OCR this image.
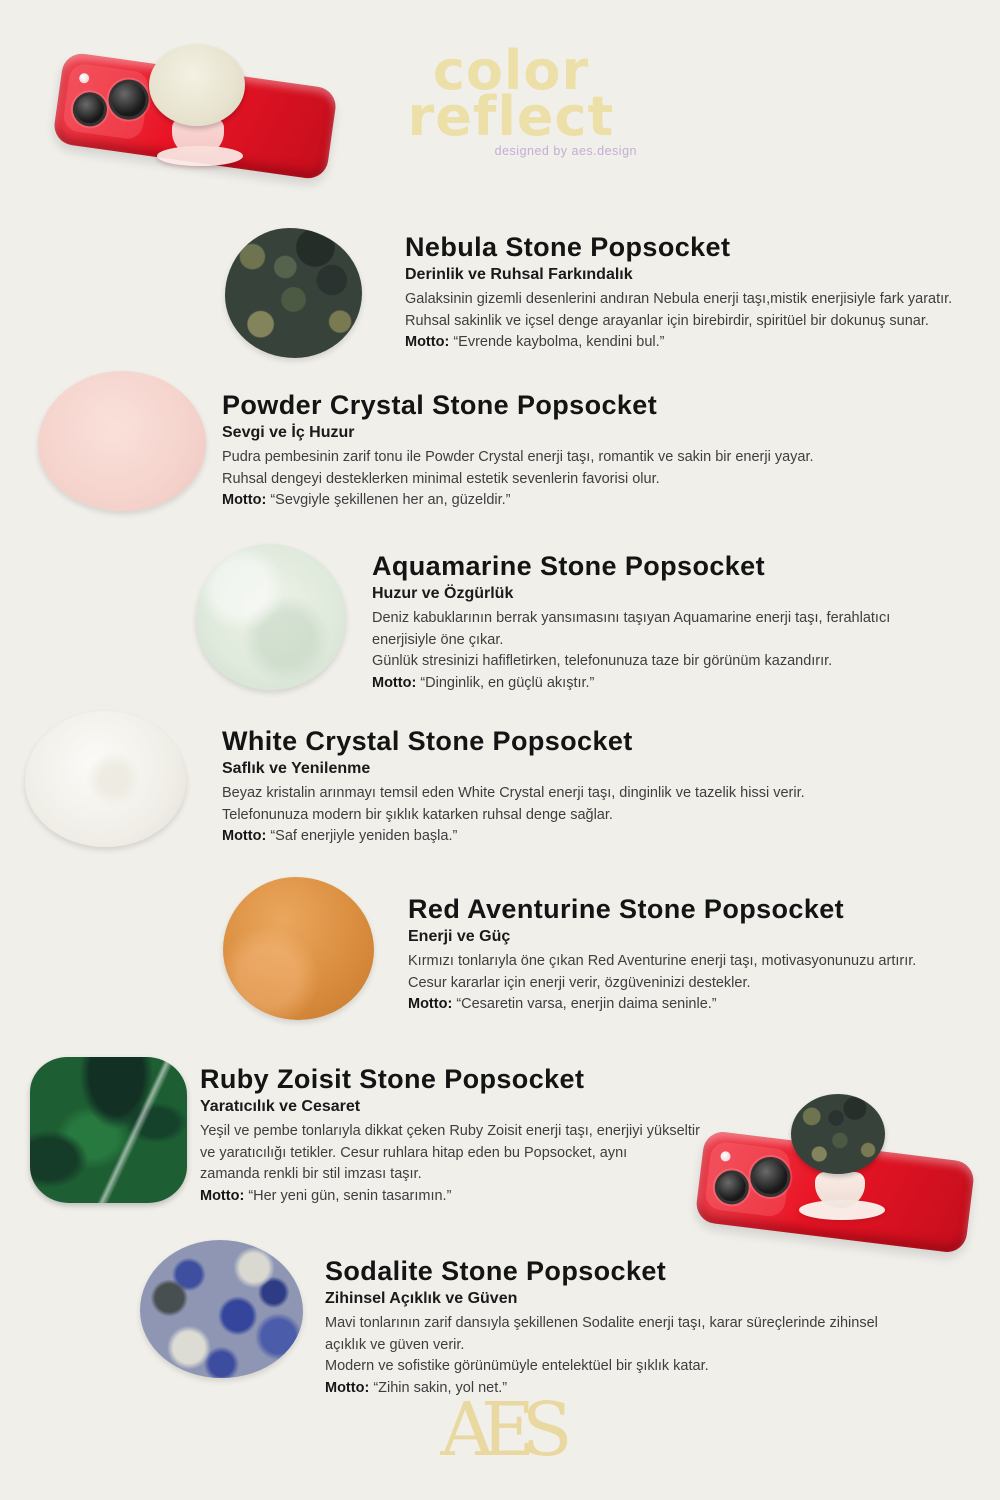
color
reflect
designed by aes.design
Nebula Stone Popsocket
Derinlik ve Ruhsal Farkındalık

Galaksinin gizemli desenlerini andıran Nebula enerji taşı,mistik enerjisiyle fark yaratır.

Ruhsal sakinlik ve içsel denge arayanlar için birebirdir, spiritüel bir dokunuş sunar.

Motto: “Evrende kaybolma, kendini bul.”

Powder Crystal Stone Popsocket
Sevgi ve İç Huzur

Pudra pembesinin zarif tonu ile Powder Crystal enerji taşı, romantik ve sakin bir enerji yayar.

Ruhsal dengeyi desteklerken minimal estetik sevenlerin favorisi olur.

Motto: “Sevgiyle şekillenen her an, güzeldir.”

Aquamarine Stone Popsocket
Huzur ve Özgürlük

Deniz kabuklarının berrak yansımasını taşıyan Aquamarine enerji taşı, ferahlatıcı

enerjisiyle öne çıkar.

Günlük stresinizi hafifletirken, telefonunuza taze bir görünüm kazandırır.

Motto: “Dinginlik, en güçlü akıştır.”

White Crystal Stone Popsocket
Saflık ve Yenilenme

Beyaz kristalin arınmayı temsil eden White Crystal enerji taşı, dinginlik ve tazelik hissi verir.

Telefonunuza modern bir şıklık katarken ruhsal denge sağlar.

Motto: “Saf enerjiyle yeniden başla.”

Red Aventurine Stone Popsocket
Enerji ve Güç

Kırmızı tonlarıyla öne çıkan Red Aventurine enerji taşı, motivasyonunuzu artırır.

Cesur kararlar için enerji verir, özgüveninizi destekler.

Motto: “Cesaretin varsa, enerjin daima seninle.”

Ruby Zoisit Stone Popsocket
Yaratıcılık ve Cesaret

Yeşil ve pembe tonlarıyla dikkat çeken Ruby Zoisit enerji taşı, enerjiyi yükseltir

ve yaratıcılığı tetikler. Cesur ruhlara hitap eden bu Popsocket, aynı

zamanda renkli bir stil imzası taşır.

Motto: “Her yeni gün, senin tasarımın.”

Sodalite Stone Popsocket
Zihinsel Açıklık ve Güven

Mavi tonlarının zarif dansıyla şekillenen Sodalite enerji taşı, karar süreçlerinde zihinsel

açıklık ve güven verir.

Modern ve sofistike görünümüyle entelektüel bir şıklık katar.

Motto: “Zihin sakin, yol net.”

AES
